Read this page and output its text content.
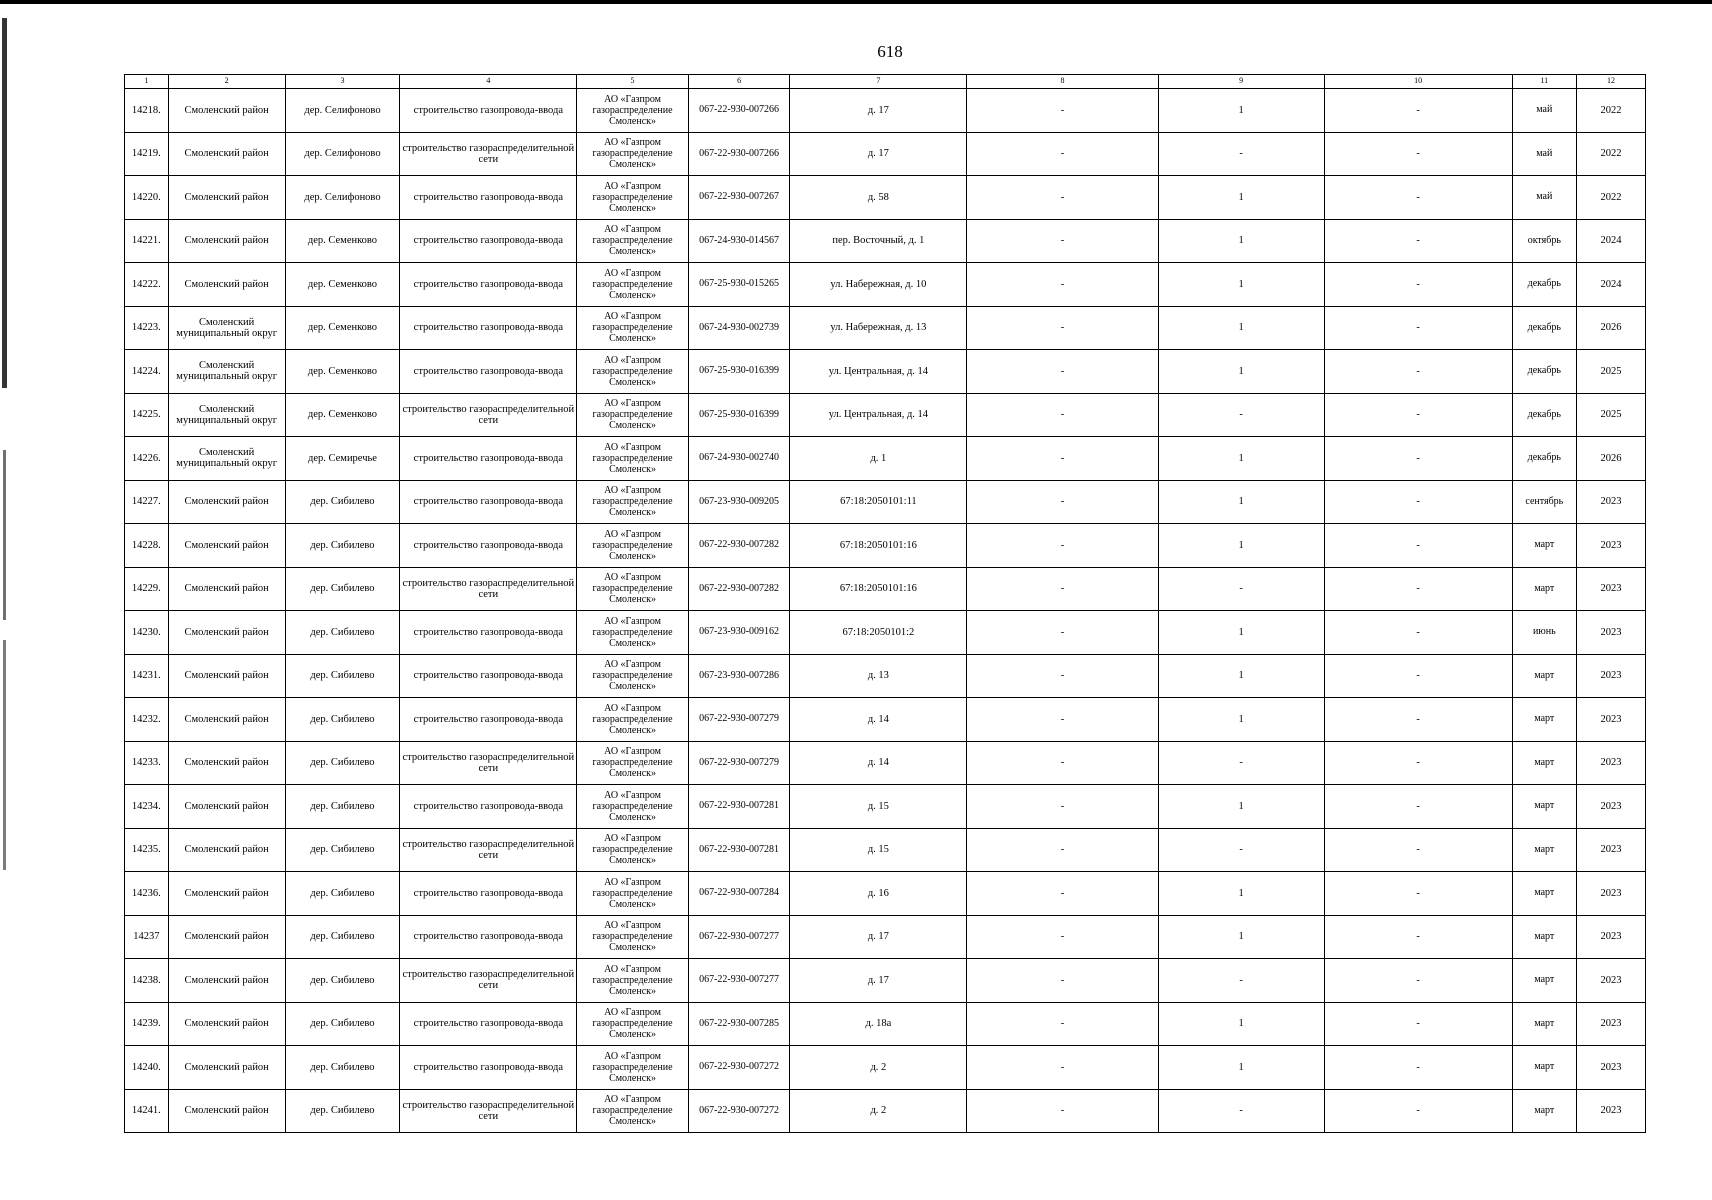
618
1	2	3	4	5	6	7	8	9	10	11	12
14218.	Смоленский район	дер. Селифоново	строительство газопровода-ввода	АО «Газпром газораспределение Смоленск»	067-22-930-007266	д. 17	-	1	-	май	2022
14219.	Смоленский район	дер. Селифоново	строительство газораспределительной сети	АО «Газпром газораспределение Смоленск»	067-22-930-007266	д. 17	-	-	-	май	2022
14220.	Смоленский район	дер. Селифоново	строительство газопровода-ввода	АО «Газпром газораспределение Смоленск»	067-22-930-007267	д. 58	-	1	-	май	2022
14221.	Смоленский район	дер. Семенково	строительство газопровода-ввода	АО «Газпром газораспределение Смоленск»	067-24-930-014567	пер. Восточный, д. 1	-	1	-	октябрь	2024
14222.	Смоленский район	дер. Семенково	строительство газопровода-ввода	АО «Газпром газораспределение Смоленск»	067-25-930-015265	ул. Набережная, д. 10	-	1	-	декабрь	2024
14223.	Смоленский муниципальный округ	дер. Семенково	строительство газопровода-ввода	АО «Газпром газораспределение Смоленск»	067-24-930-002739	ул. Набережная, д. 13	-	1	-	декабрь	2026
14224.	Смоленский муниципальный округ	дер. Семенково	строительство газопровода-ввода	АО «Газпром газораспределение Смоленск»	067-25-930-016399	ул. Центральная, д. 14	-	1	-	декабрь	2025
14225.	Смоленский муниципальный округ	дер. Семенково	строительство газораспределительной сети	АО «Газпром газораспределение Смоленск»	067-25-930-016399	ул. Центральная, д. 14	-	-	-	декабрь	2025
14226.	Смоленский муниципальный округ	дер. Семиречье	строительство газопровода-ввода	АО «Газпром газораспределение Смоленск»	067-24-930-002740	д. 1	-	1	-	декабрь	2026
14227.	Смоленский район	дер. Сибилево	строительство газопровода-ввода	АО «Газпром газораспределение Смоленск»	067-23-930-009205	67:18:2050101:11	-	1	-	сентябрь	2023
14228.	Смоленский район	дер. Сибилево	строительство газопровода-ввода	АО «Газпром газораспределение Смоленск»	067-22-930-007282	67:18:2050101:16	-	1	-	март	2023
14229.	Смоленский район	дер. Сибилево	строительство газораспределительной сети	АО «Газпром газораспределение Смоленск»	067-22-930-007282	67:18:2050101:16	-	-	-	март	2023
14230.	Смоленский район	дер. Сибилево	строительство газопровода-ввода	АО «Газпром газораспределение Смоленск»	067-23-930-009162	67:18:2050101:2	-	1	-	июнь	2023
14231.	Смоленский район	дер. Сибилево	строительство газопровода-ввода	АО «Газпром газораспределение Смоленск»	067-23-930-007286	д. 13	-	1	-	март	2023
14232.	Смоленский район	дер. Сибилево	строительство газопровода-ввода	АО «Газпром газораспределение Смоленск»	067-22-930-007279	д. 14	-	1	-	март	2023
14233.	Смоленский район	дер. Сибилево	строительство газораспределительной сети	АО «Газпром газораспределение Смоленск»	067-22-930-007279	д. 14	-	-	-	март	2023
14234.	Смоленский район	дер. Сибилево	строительство газопровода-ввода	АО «Газпром газораспределение Смоленск»	067-22-930-007281	д. 15	-	1	-	март	2023
14235.	Смоленский район	дер. Сибилево	строительство газораспределительной сети	АО «Газпром газораспределение Смоленск»	067-22-930-007281	д. 15	-	-	-	март	2023
14236.	Смоленский район	дер. Сибилево	строительство газопровода-ввода	АО «Газпром газораспределение Смоленск»	067-22-930-007284	д. 16	-	1	-	март	2023
14237	Смоленский район	дер. Сибилево	строительство газопровода-ввода	АО «Газпром газораспределение Смоленск»	067-22-930-007277	д. 17	-	1	-	март	2023
14238.	Смоленский район	дер. Сибилево	строительство газораспределительной сети	АО «Газпром газораспределение Смоленск»	067-22-930-007277	д. 17	-	-	-	март	2023
14239.	Смоленский район	дер. Сибилево	строительство газопровода-ввода	АО «Газпром газораспределение Смоленск»	067-22-930-007285	д. 18а	-	1	-	март	2023
14240.	Смоленский район	дер. Сибилево	строительство газопровода-ввода	АО «Газпром газораспределение Смоленск»	067-22-930-007272	д. 2	-	1	-	март	2023
14241.	Смоленский район	дер. Сибилево	строительство газораспределительной сети	АО «Газпром газораспределение Смоленск»	067-22-930-007272	д. 2	-	-	-	март	2023
